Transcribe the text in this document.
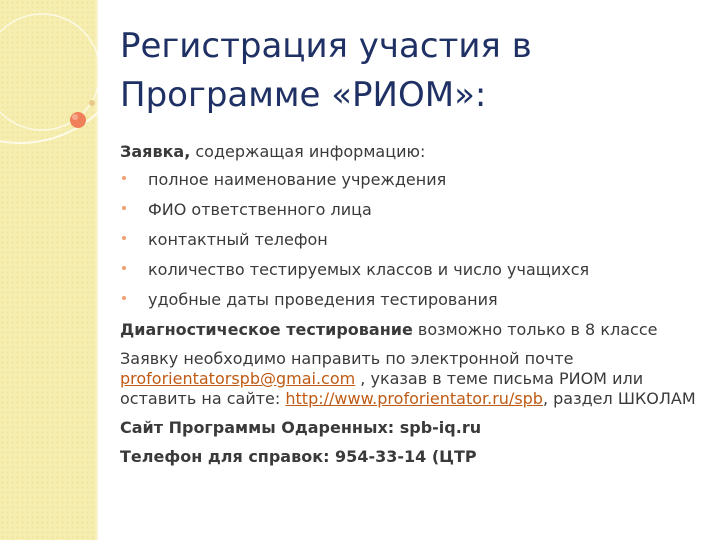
Регистрация участия в
Программе «РИОМ»:

Заявка, содержащая информацию:

полное наименование учреждения
ФИО ответственного лица
контактный телефон
количество тестируемых классов и число учащихся
удобные даты проведения тестирования

Диагностическое тестирование возможно только в 8 классе

Заявку необходимо направить по электронной почте proforientatorspb@gmai.com , указав в теме письма РИОМ или оставить на сайте: http://www.proforientator.ru/spb, раздел ШКОЛАМ

Сайт Программы Одаренных: spb-iq.ru

Телефон для справок: 954-33-14 (ЦТР
